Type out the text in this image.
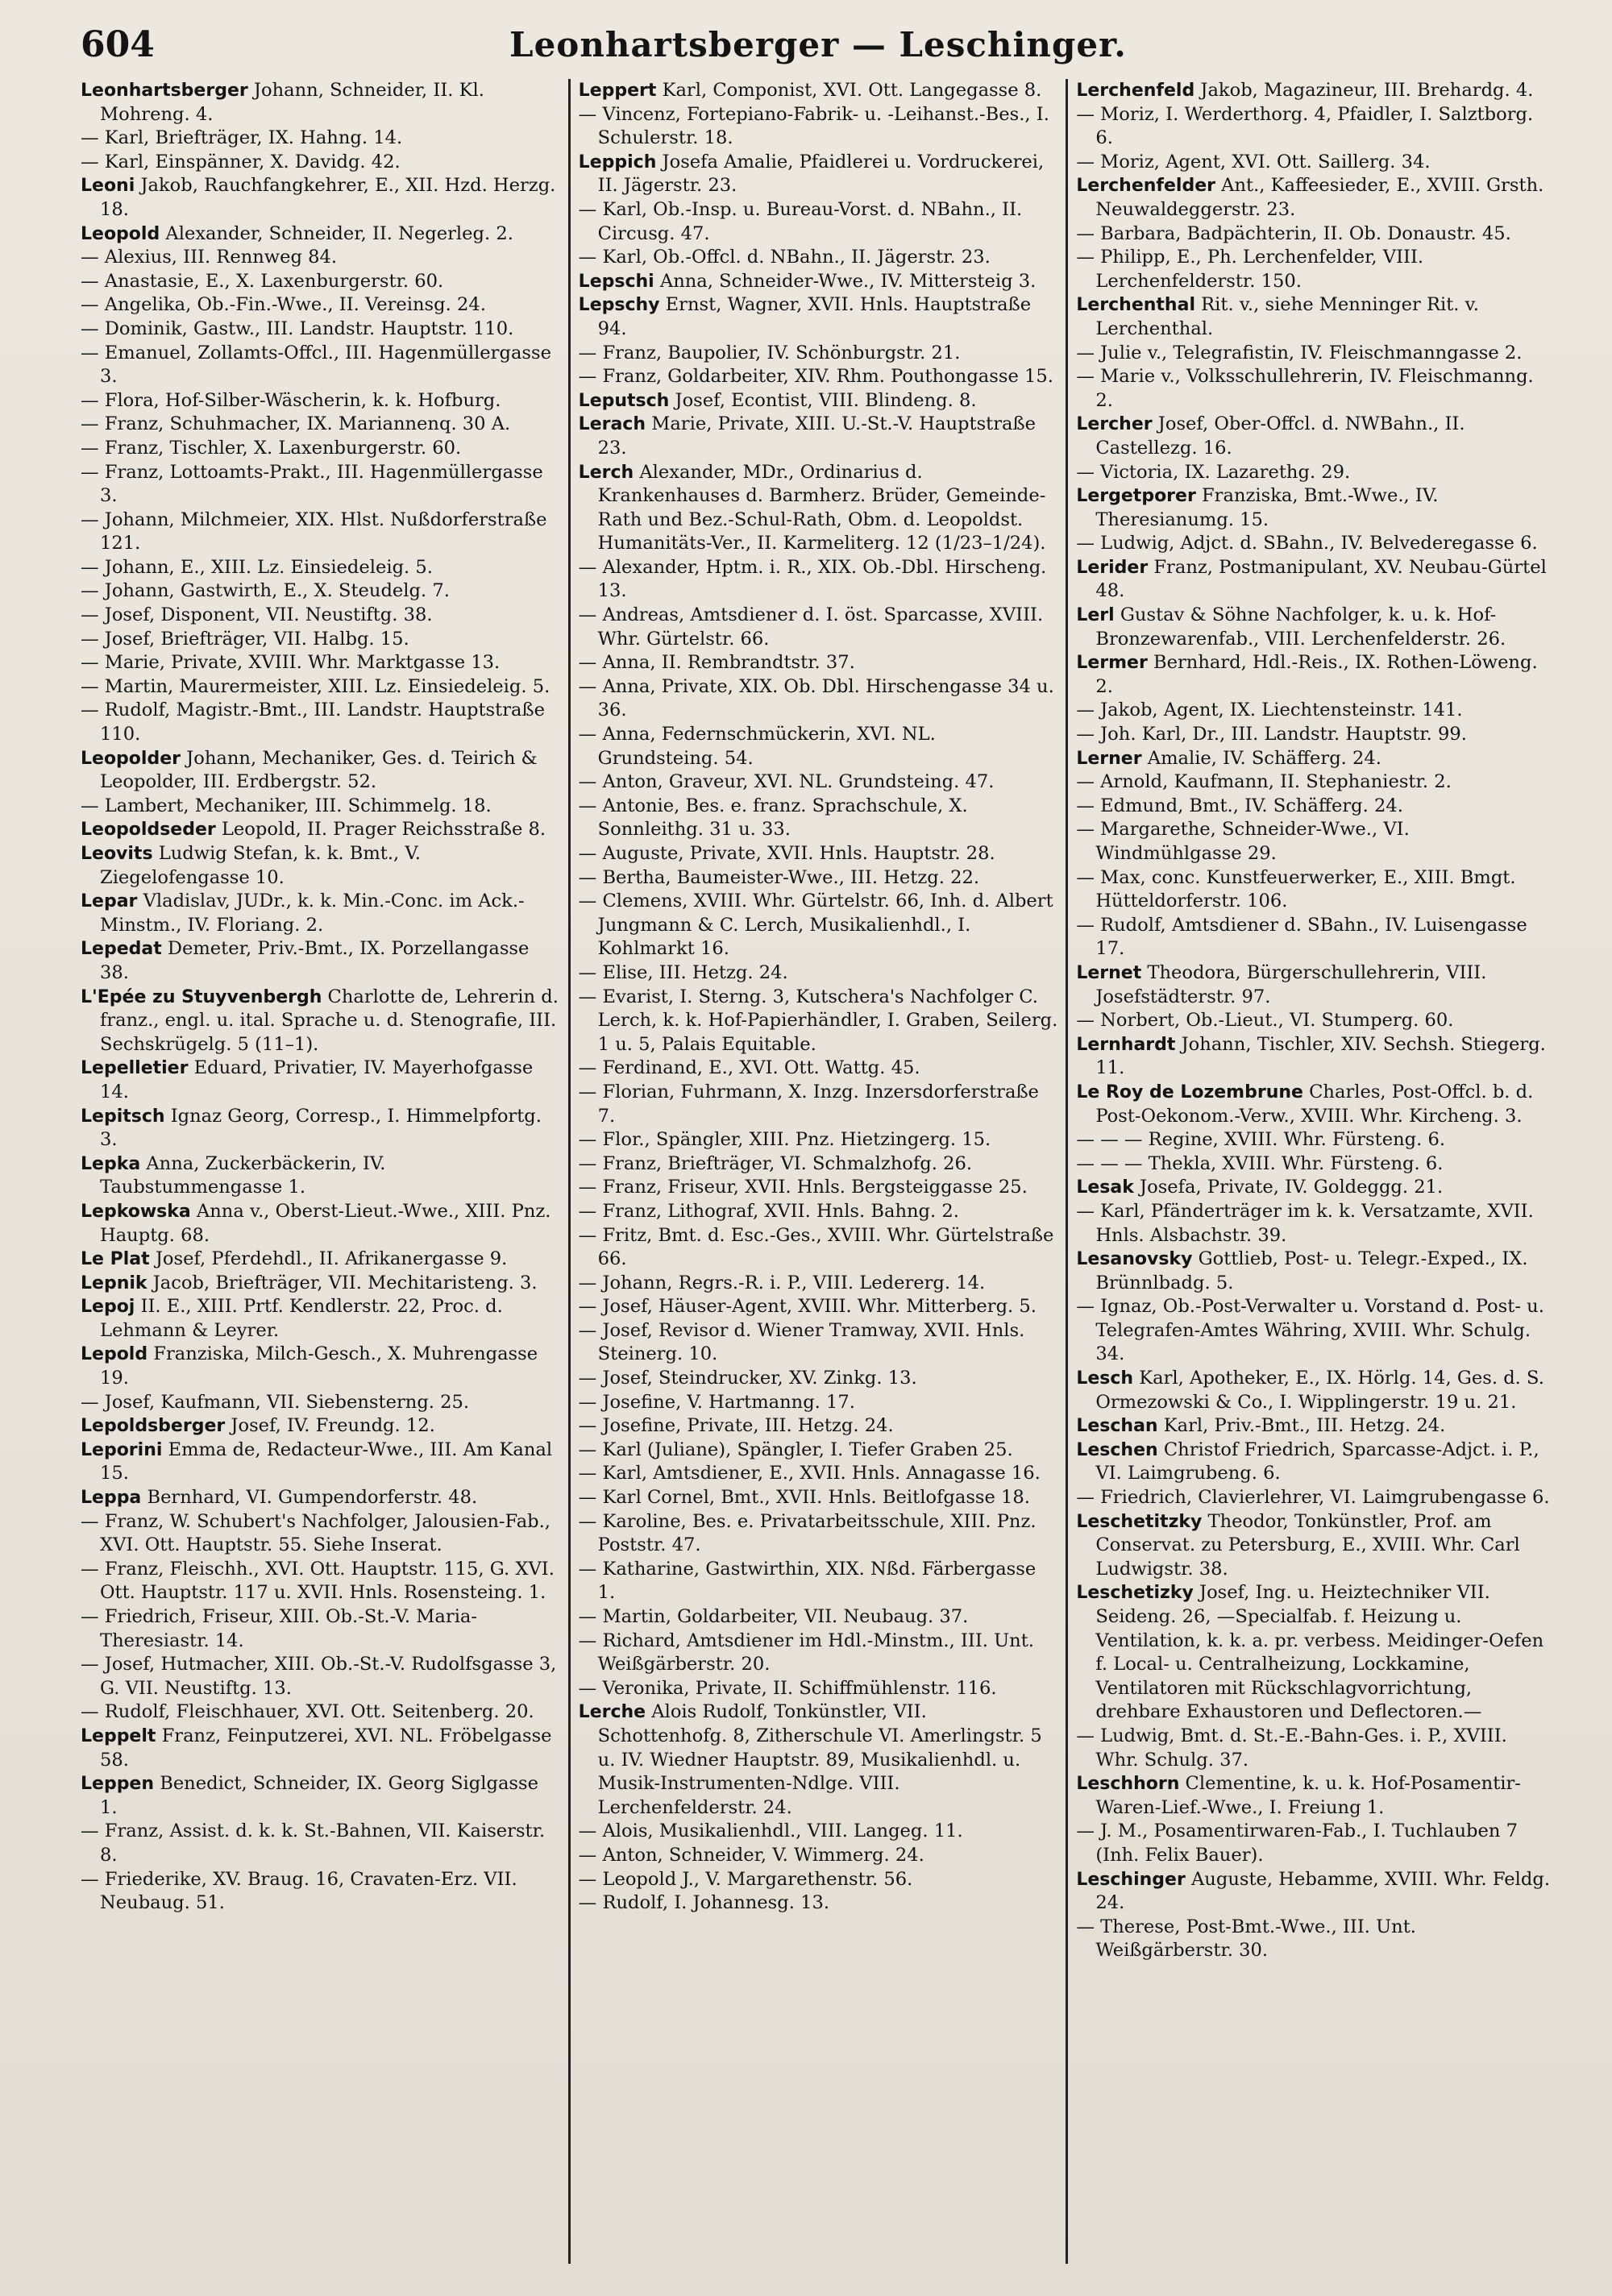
604	Leonhartsberger — Leschinger.
Leonhartsberger Johann, Schneider, II. Kl. Mohreng. 4.
— Karl, Briefträger, IX. Hahng. 14.
— Karl, Einspänner, X. Davidg. 42.
Leoni Jakob, Rauchfangkehrer, E., XII. Hzd. Herzg. 18.
Leopold Alexander, Schneider, II. Negerleg. 2.
— Alexius, III. Rennweg 84.
— Anastasie, E., X. Laxenburgerstr. 60.
— Angelika, Ob.-Fin.-Wwe., II. Vereinsg. 24.
— Dominik, Gastw., III. Landstr. Hauptstr. 110.
— Emanuel, Zollamts-Offcl., III. Hagenmüllergasse 3.
— Flora, Hof-Silber-Wäscherin, k. k. Hofburg.
— Franz, Schuhmacher, IX. Mariannenq. 30 A.
— Franz, Tischler, X. Laxenburgerstr. 60.
— Franz, Lottoamts-Prakt., III. Hagenmüllergasse 3.
— Johann, Milchmeier, XIX. Hlst. Nußdorferstraße 121.
— Johann, E., XIII. Lz. Einsiedeleig. 5.
— Johann, Gastwirth, E., X. Steudelg. 7.
— Josef, Disponent, VII. Neustiftg. 38.
— Josef, Briefträger, VII. Halbg. 15.
— Marie, Private, XVIII. Whr. Marktgasse 13.
— Martin, Maurermeister, XIII. Lz. Einsiedeleig. 5.
— Rudolf, Magistr.-Bmt., III. Landstr. Hauptstraße 110.
Leopolder Johann, Mechaniker, Ges. d. Teirich & Leopolder, III. Erdbergstr. 52.
— Lambert, Mechaniker, III. Schimmelg. 18.
Leopoldseder Leopold, II. Prager Reichsstraße 8.
Leovits Ludwig Stefan, k. k. Bmt., V. Ziegelofengasse 10.
Lepar Vladislav, JUDr., k. k. Min.-Conc. im Ack.-Minstm., IV. Floriang. 2.
Lepedat Demeter, Priv.-Bmt., IX. Porzellangasse 38.
L'Epée zu Stuyvenbergh Charlotte de, Lehrerin d. franz., engl. u. ital. Sprache u. d. Stenografie, III. Sechskrügelg. 5 (11–1).
Lepelletier Eduard, Privatier, IV. Mayerhofgasse 14.
Lepitsch Ignaz Georg, Corresp., I. Himmelpfortg. 3.
Lepka Anna, Zuckerbäckerin, IV. Taubstummengasse 1.
Lepkowska Anna v., Oberst-Lieut.-Wwe., XIII. Pnz. Hauptg. 68.
Le Plat Josef, Pferdehdl., II. Afrikanergasse 9.
Lepnik Jacob, Briefträger, VII. Mechitaristeng. 3.
Lepoj II. E., XIII. Prtf. Kendlerstr. 22, Proc. d. Lehmann & Leyrer.
Lepold Franziska, Milch-Gesch., X. Muhrengasse 19.
— Josef, Kaufmann, VII. Siebensterng. 25.
Lepoldsberger Josef, IV. Freundg. 12.
Leporini Emma de, Redacteur-Wwe., III. Am Kanal 15.
Leppa Bernhard, VI. Gumpendorferstr. 48.
— Franz, W. Schubert's Nachfolger, Jalousien-Fab., XVI. Ott. Hauptstr. 55. Siehe Inserat.
— Franz, Fleischh., XVI. Ott. Hauptstr. 115, G. XVI. Ott. Hauptstr. 117 u. XVII. Hnls. Rosensteing. 1.
— Friedrich, Friseur, XIII. Ob.-St.-V. Maria-Theresiastr. 14.
— Josef, Hutmacher, XIII. Ob.-St.-V. Rudolfsgasse 3, G. VII. Neustiftg. 13.
— Rudolf, Fleischhauer, XVI. Ott. Seitenberg. 20.
Leppelt Franz, Feinputzerei, XVI. NL. Fröbelgasse 58.
Leppen Benedict, Schneider, IX. Georg Siglgasse 1.
— Franz, Assist. d. k. k. St.-Bahnen, VII. Kaiserstr. 8.
— Friederike, XV. Braug. 16, Cravaten-Erz. VII. Neubaug. 51.
Leppert Karl, Componist, XVI. Ott. Langegasse 8.
— Vincenz, Fortepiano-Fabrik- u. -Leihanst.-Bes., I. Schulerstr. 18.
Leppich Josefa Amalie, Pfaidlerei u. Vordruckerei, II. Jägerstr. 23.
— Karl, Ob.-Insp. u. Bureau-Vorst. d. NBahn., II. Circusg. 47.
— Karl, Ob.-Offcl. d. NBahn., II. Jägerstr. 23.
Lepschi Anna, Schneider-Wwe., IV. Mittersteig 3.
Lepschy Ernst, Wagner, XVII. Hnls. Hauptstraße 94.
— Franz, Baupolier, IV. Schönburgstr. 21.
— Franz, Goldarbeiter, XIV. Rhm. Pouthongasse 15.
Leputsch Josef, Econtist, VIII. Blindeng. 8.
Lerach Marie, Private, XIII. U.-St.-V. Hauptstraße 23.
Lerch Alexander, MDr., Ordinarius d. Krankenhauses d. Barmherz. Brüder, Gemeinde-Rath und Bez.-Schul-Rath, Obm. d. Leopoldst. Humanitäts-Ver., II. Karmeliterg. 12 (1/23–1/24).
— Alexander, Hptm. i. R., XIX. Ob.-Dbl. Hirscheng. 13.
— Andreas, Amtsdiener d. I. öst. Sparcasse, XVIII. Whr. Gürtelstr. 66.
— Anna, II. Rembrandtstr. 37.
— Anna, Private, XIX. Ob. Dbl. Hirschengasse 34 u. 36.
— Anna, Federnschmückerin, XVI. NL. Grundsteing. 54.
— Anton, Graveur, XVI. NL. Grundsteing. 47.
— Antonie, Bes. e. franz. Sprachschule, X. Sonnleithg. 31 u. 33.
— Auguste, Private, XVII. Hnls. Hauptstr. 28.
— Bertha, Baumeister-Wwe., III. Hetzg. 22.
— Clemens, XVIII. Whr. Gürtelstr. 66, Inh. d. Albert Jungmann & C. Lerch, Musikalienhdl., I. Kohlmarkt 16.
— Elise, III. Hetzg. 24.
— Evarist, I. Sterng. 3, Kutschera's Nachfolger C. Lerch, k. k. Hof-Papierhändler, I. Graben, Seilerg. 1 u. 5, Palais Equitable.
— Ferdinand, E., XVI. Ott. Wattg. 45.
— Florian, Fuhrmann, X. Inzg. Inzersdorferstraße 7.
— Flor., Spängler, XIII. Pnz. Hietzingerg. 15.
— Franz, Briefträger, VI. Schmalzhofg. 26.
— Franz, Friseur, XVII. Hnls. Bergsteiggasse 25.
— Franz, Lithograf, XVII. Hnls. Bahng. 2.
— Fritz, Bmt. d. Esc.-Ges., XVIII. Whr. Gürtelstraße 66.
— Johann, Regrs.-R. i. P., VIII. Ledererg. 14.
— Josef, Häuser-Agent, XVIII. Whr. Mitterberg. 5.
— Josef, Revisor d. Wiener Tramway, XVII. Hnls. Steinerg. 10.
— Josef, Steindrucker, XV. Zinkg. 13.
— Josefine, V. Hartmanng. 17.
— Josefine, Private, III. Hetzg. 24.
— Karl (Juliane), Spängler, I. Tiefer Graben 25.
— Karl, Amtsdiener, E., XVII. Hnls. Annagasse 16.
— Karl Cornel, Bmt., XVII. Hnls. Beitlofgasse 18.
— Karoline, Bes. e. Privatarbeitsschule, XIII. Pnz. Poststr. 47.
— Katharine, Gastwirthin, XIX. Nßd. Färbergasse 1.
— Martin, Goldarbeiter, VII. Neubaug. 37.
— Richard, Amtsdiener im Hdl.-Minstm., III. Unt. Weißgärberstr. 20.
— Veronika, Private, II. Schiffmühlenstr. 116.
Lerche Alois Rudolf, Tonkünstler, VII. Schottenhofg. 8, Zitherschule VI. Amerlingstr. 5 u. IV. Wiedner Hauptstr. 89, Musikalienhdl. u. Musik-Instrumenten-Ndlge. VIII. Lerchenfelderstr. 24.
— Alois, Musikalienhdl., VIII. Langeg. 11.
— Anton, Schneider, V. Wimmerg. 24.
— Leopold J., V. Margarethenstr. 56.
— Rudolf, I. Johannesg. 13.
Lerchenfeld Jakob, Magazineur, III. Brehardg. 4.
— Moriz, I. Werderthorg. 4, Pfaidler, I. Salztborg. 6.
— Moriz, Agent, XVI. Ott. Saillerg. 34.
Lerchenfelder Ant., Kaffeesieder, E., XVIII. Grsth. Neuwaldeggerstr. 23.
— Barbara, Badpächterin, II. Ob. Donaustr. 45.
— Philipp, E., Ph. Lerchenfelder, VIII. Lerchenfelderstr. 150.
Lerchenthal Rit. v., siehe Menninger Rit. v. Lerchenthal.
— Julie v., Telegrafistin, IV. Fleischmanngasse 2.
— Marie v., Volksschullehrerin, IV. Fleischmanng. 2.
Lercher Josef, Ober-Offcl. d. NWBahn., II. Castellezg. 16.
— Victoria, IX. Lazarethg. 29.
Lergetporer Franziska, Bmt.-Wwe., IV. Theresianumg. 15.
— Ludwig, Adjct. d. SBahn., IV. Belvederegasse 6.
Lerider Franz, Postmanipulant, XV. Neubau-Gürtel 48.
Lerl Gustav & Söhne Nachfolger, k. u. k. Hof-Bronzewarenfab., VIII. Lerchenfelderstr. 26.
Lermer Bernhard, Hdl.-Reis., IX. Rothen-Löweng. 2.
— Jakob, Agent, IX. Liechtensteinstr. 141.
— Joh. Karl, Dr., III. Landstr. Hauptstr. 99.
Lerner Amalie, IV. Schäfferg. 24.
— Arnold, Kaufmann, II. Stephaniestr. 2.
— Edmund, Bmt., IV. Schäfferg. 24.
— Margarethe, Schneider-Wwe., VI. Windmühlgasse 29.
— Max, conc. Kunstfeuerwerker, E., XIII. Bmgt. Hütteldorferstr. 106.
— Rudolf, Amtsdiener d. SBahn., IV. Luisengasse 17.
Lernet Theodora, Bürgerschullehrerin, VIII. Josefstädterstr. 97.
— Norbert, Ob.-Lieut., VI. Stumperg. 60.
Lernhardt Johann, Tischler, XIV. Sechsh. Stiegerg. 11.
Le Roy de Lozembrune Charles, Post-Offcl. b. d. Post-Oekonom.-Verw., XVIII. Whr. Kircheng. 3.
— — — Regine, XVIII. Whr. Fürsteng. 6.
— — — Thekla, XVIII. Whr. Fürsteng. 6.
Lesak Josefa, Private, IV. Goldeggg. 21.
— Karl, Pfänderträger im k. k. Versatzamte, XVII. Hnls. Alsbachstr. 39.
Lesanovsky Gottlieb, Post- u. Telegr.-Exped., IX. Brünnlbadg. 5.
— Ignaz, Ob.-Post-Verwalter u. Vorstand d. Post- u. Telegrafen-Amtes Währing, XVIII. Whr. Schulg. 34.
Lesch Karl, Apotheker, E., IX. Hörlg. 14, Ges. d. S. Ormezowski & Co., I. Wipplingerstr. 19 u. 21.
Leschan Karl, Priv.-Bmt., III. Hetzg. 24.
Leschen Christof Friedrich, Sparcasse-Adjct. i. P., VI. Laimgrubeng. 6.
— Friedrich, Clavierlehrer, VI. Laimgrubengasse 6.
Leschetitzky Theodor, Tonkünstler, Prof. am Conservat. zu Petersburg, E., XVIII. Whr. Carl Ludwigstr. 38.
Leschetizky Josef, Ing. u. Heiztechniker VII. Seideng. 26, —Specialfab. f. Heizung u. Ventilation, k. k. a. pr. verbess. Meidinger-Oefen f. Local- u. Centralheizung, Lockkamine, Ventilatoren mit Rückschlagvorrichtung, drehbare Exhaustoren und Deflectoren.—
— Ludwig, Bmt. d. St.-E.-Bahn-Ges. i. P., XVIII. Whr. Schulg. 37.
Leschhorn Clementine, k. u. k. Hof-Posamentir-Waren-Lief.-Wwe., I. Freiung 1.
— J. M., Posamentirwaren-Fab., I. Tuchlauben 7 (Inh. Felix Bauer).
Leschinger Auguste, Hebamme, XVIII. Whr. Feldg. 24.
— Therese, Post-Bmt.-Wwe., III. Unt. Weißgärberstr. 30.
